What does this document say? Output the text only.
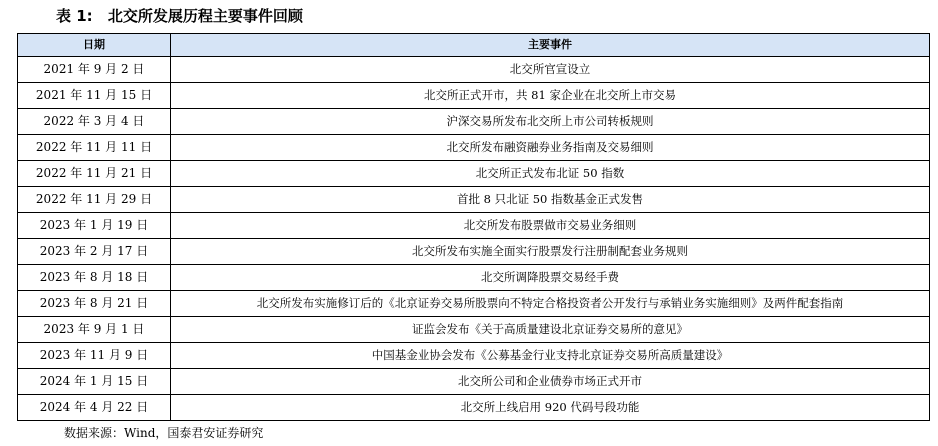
表 1: 北交所发展历程主要事件回顾
日期	主要事件
2021 年 9 月 2 日	北交所官宣设立
2021 年 11 月 15 日	北交所正式开市，共 81 家企业在北交所上市交易
2022 年 3 月 4 日	沪深交易所发布北交所上市公司转板规则
2022 年 11 月 11 日	北交所发布融资融券业务指南及交易细则
2022 年 11 月 21 日	北交所正式发布北证 50 指数
2022 年 11 月 29 日	首批 8 只北证 50 指数基金正式发售
2023 年 1 月 19 日	北交所发布股票做市交易业务细则
2023 年 2 月 17 日	北交所发布实施全面实行股票发行注册制配套业务规则
2023 年 8 月 18 日	北交所调降股票交易经手费
2023 年 8 月 21 日	北交所发布实施修订后的《北京证券交易所股票向不特定合格投资者公开发行与承销业务实施细则》及两件配套指南
2023 年 9 月 1 日	证监会发布《关于高质量建设北京证券交易所的意见》
2023 年 11 月 9 日	中国基金业协会发布《公募基金行业支持北京证券交易所高质量建设》
2024 年 1 月 15 日	北交所公司和企业债券市场正式开市
2024 年 4 月 22 日	北交所上线启用 920 代码号段功能
数据来源：Wind，国泰君安证券研究
